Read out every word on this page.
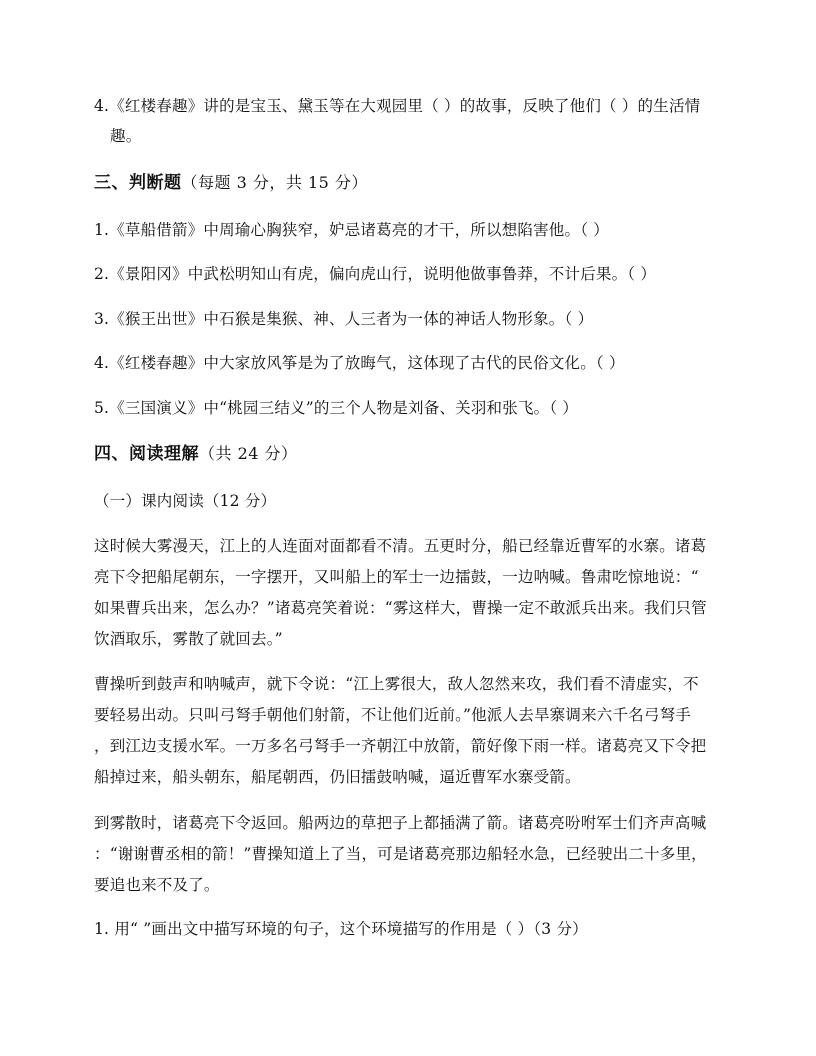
4.《红楼春趣》讲的是宝玉、黛玉等在大观园里（ ）的故事，反映了他们（ ）的生活情
趣。
三、判断题（每题 3 分，共 15 分）
1.《草船借箭》中周瑜心胸狭窄，妒忌诸葛亮的才干，所以想陷害他。（ ）
2.《景阳冈》中武松明知山有虎，偏向虎山行，说明他做事鲁莽，不计后果。（ ）
3.《猴王出世》中石猴是集猴、神、人三者为一体的神话人物形象。（ ）
4.《红楼春趣》中大家放风筝是为了放晦气，这体现了古代的民俗文化。（ ）
5.《三国演义》中“桃园三结义”的三个人物是刘备、关羽和张飞。（ ）
四、阅读理解（共 24 分）
（一）课内阅读（12 分）
这时候大雾漫天，江上的人连面对面都看不清。五更时分，船已经靠近曹军的水寨。诸葛
亮下令把船尾朝东，一字摆开，又叫船上的军士一边擂鼓，一边呐喊。鲁肃吃惊地说：“
如果曹兵出来，怎么办？”诸葛亮笑着说：“雾这样大，曹操一定不敢派兵出来。我们只管
饮酒取乐，雾散了就回去。”
曹操听到鼓声和呐喊声，就下令说：“江上雾很大，敌人忽然来攻，我们看不清虚实，不
要轻易出动。只叫弓弩手朝他们射箭，不让他们近前。”他派人去旱寨调来六千名弓弩手
，到江边支援水军。一万多名弓弩手一齐朝江中放箭，箭好像下雨一样。诸葛亮又下令把
船掉过来，船头朝东，船尾朝西，仍旧擂鼓呐喊，逼近曹军水寨受箭。
到雾散时，诸葛亮下令返回。船两边的草把子上都插满了箭。诸葛亮吩咐军士们齐声高喊
：“谢谢曹丞相的箭！”曹操知道上了当，可是诸葛亮那边船轻水急，已经驶出二十多里，
要追也来不及了。
1. 用“ ”画出文中描写环境的句子，这个环境描写的作用是（ ）（3 分）
